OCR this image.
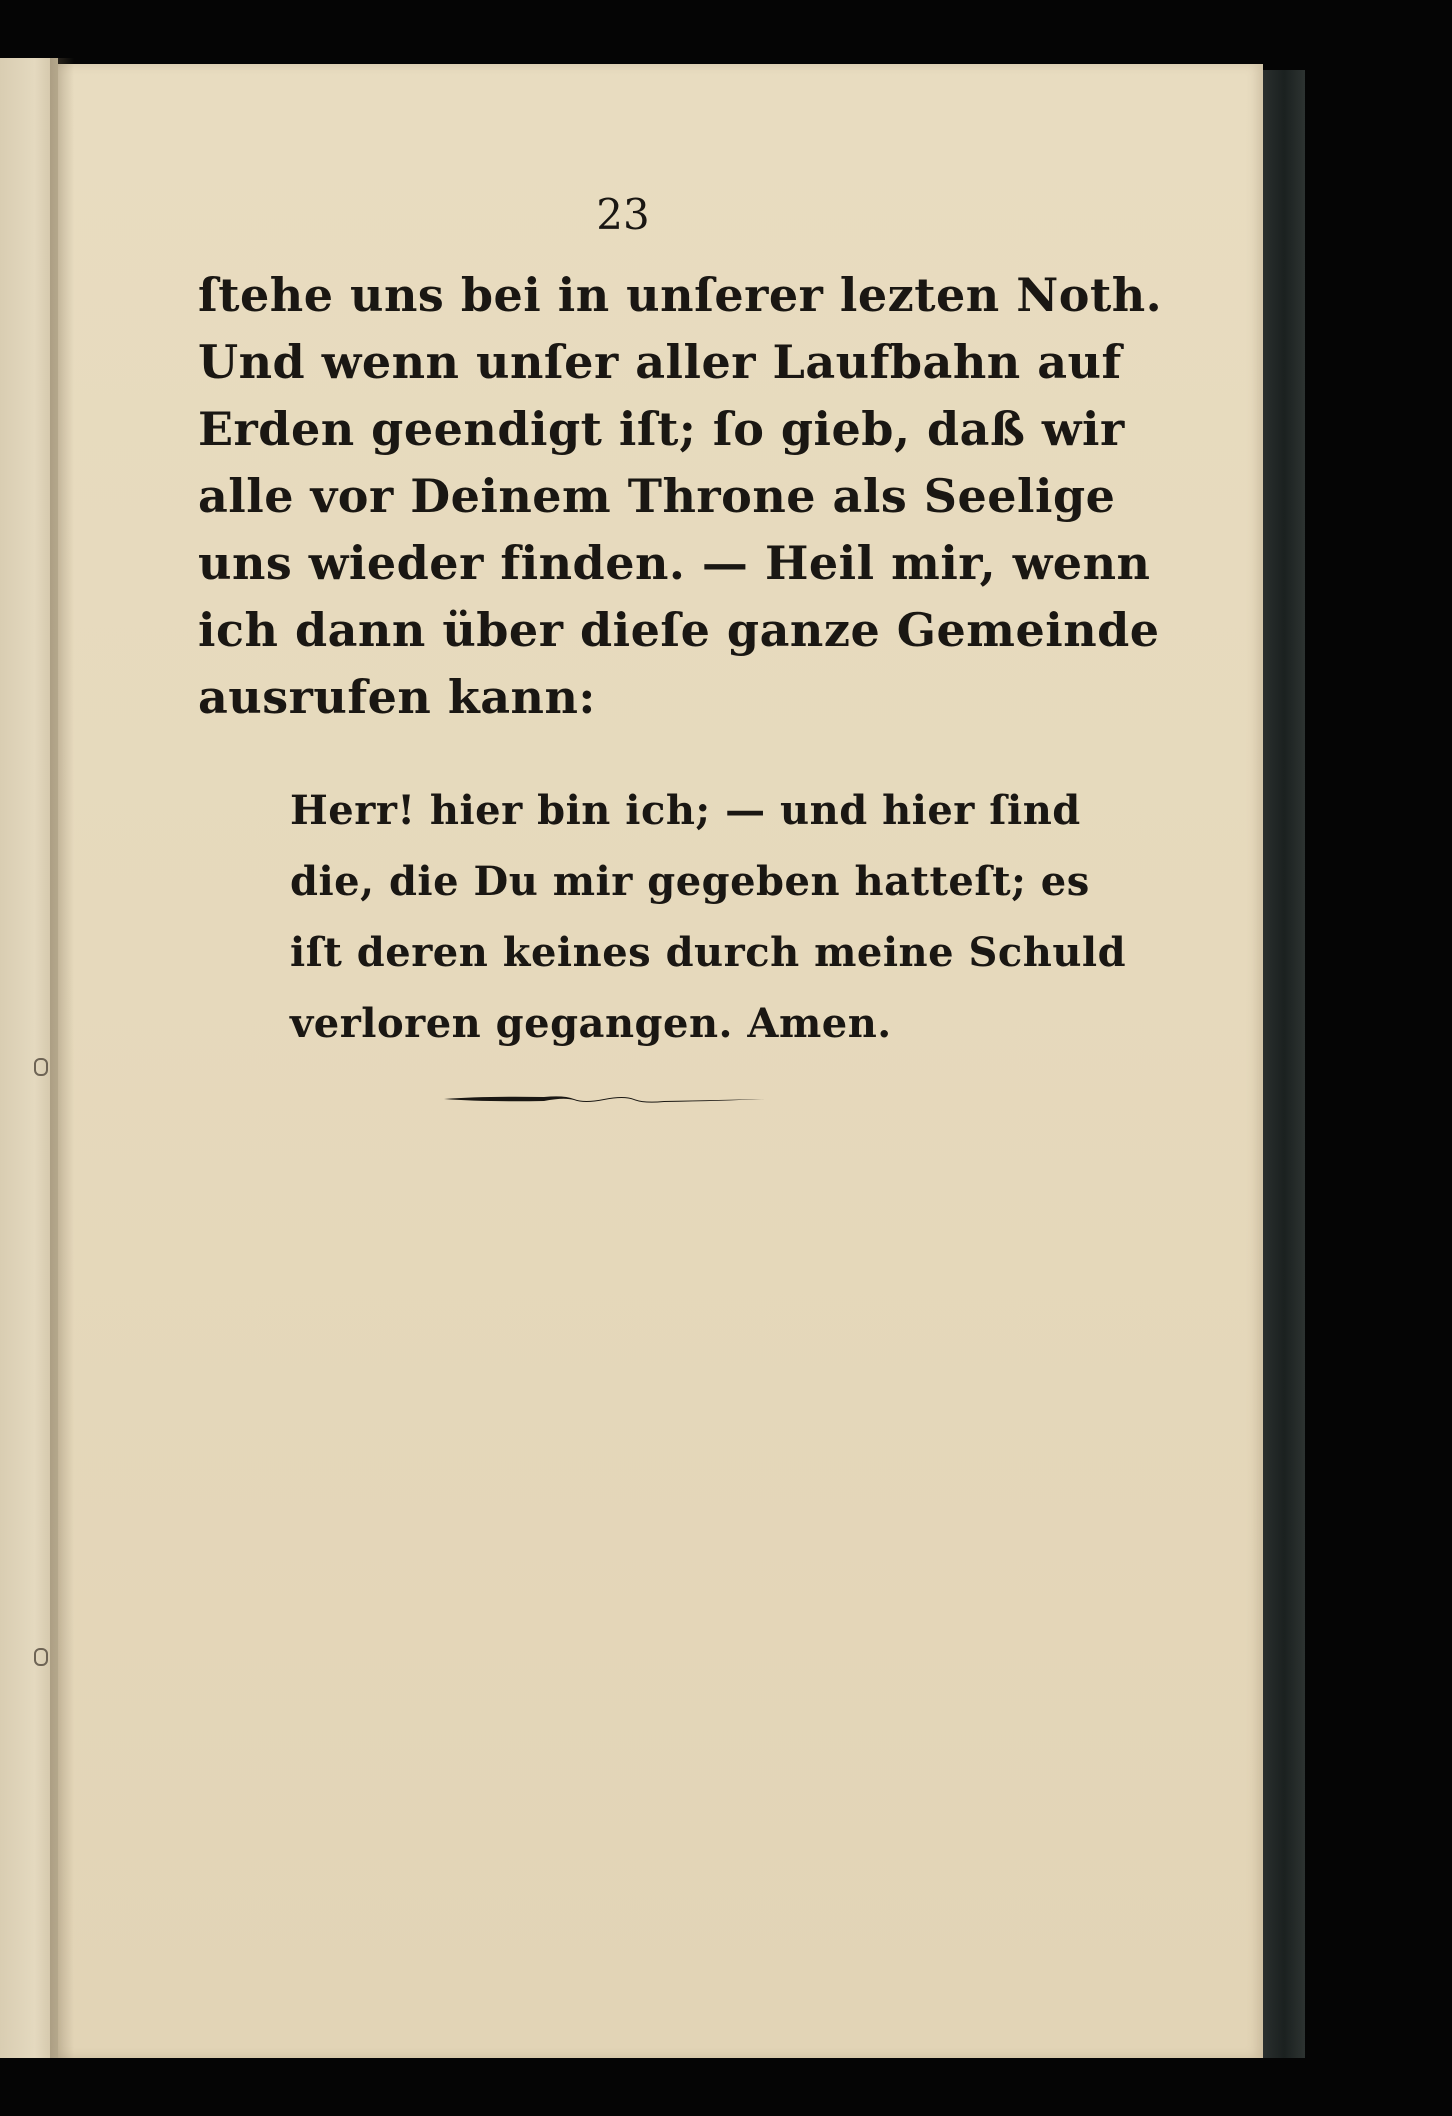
23
ſtehe uns bei in unſerer lezten Noth.
Und wenn unſer aller Laufbahn auf
Erden geendigt iſt; ſo gieb, daß wir
alle vor Deinem Throne als Seelige
uns wieder finden. — Heil mir, wenn
ich dann über dieſe ganze Gemeinde
ausrufen kann:
Herr! hier bin ich; — und hier ſind
die, die Du mir gegeben hatteſt; es
iſt deren keines durch meine Schuld
verloren gegangen. Amen.
